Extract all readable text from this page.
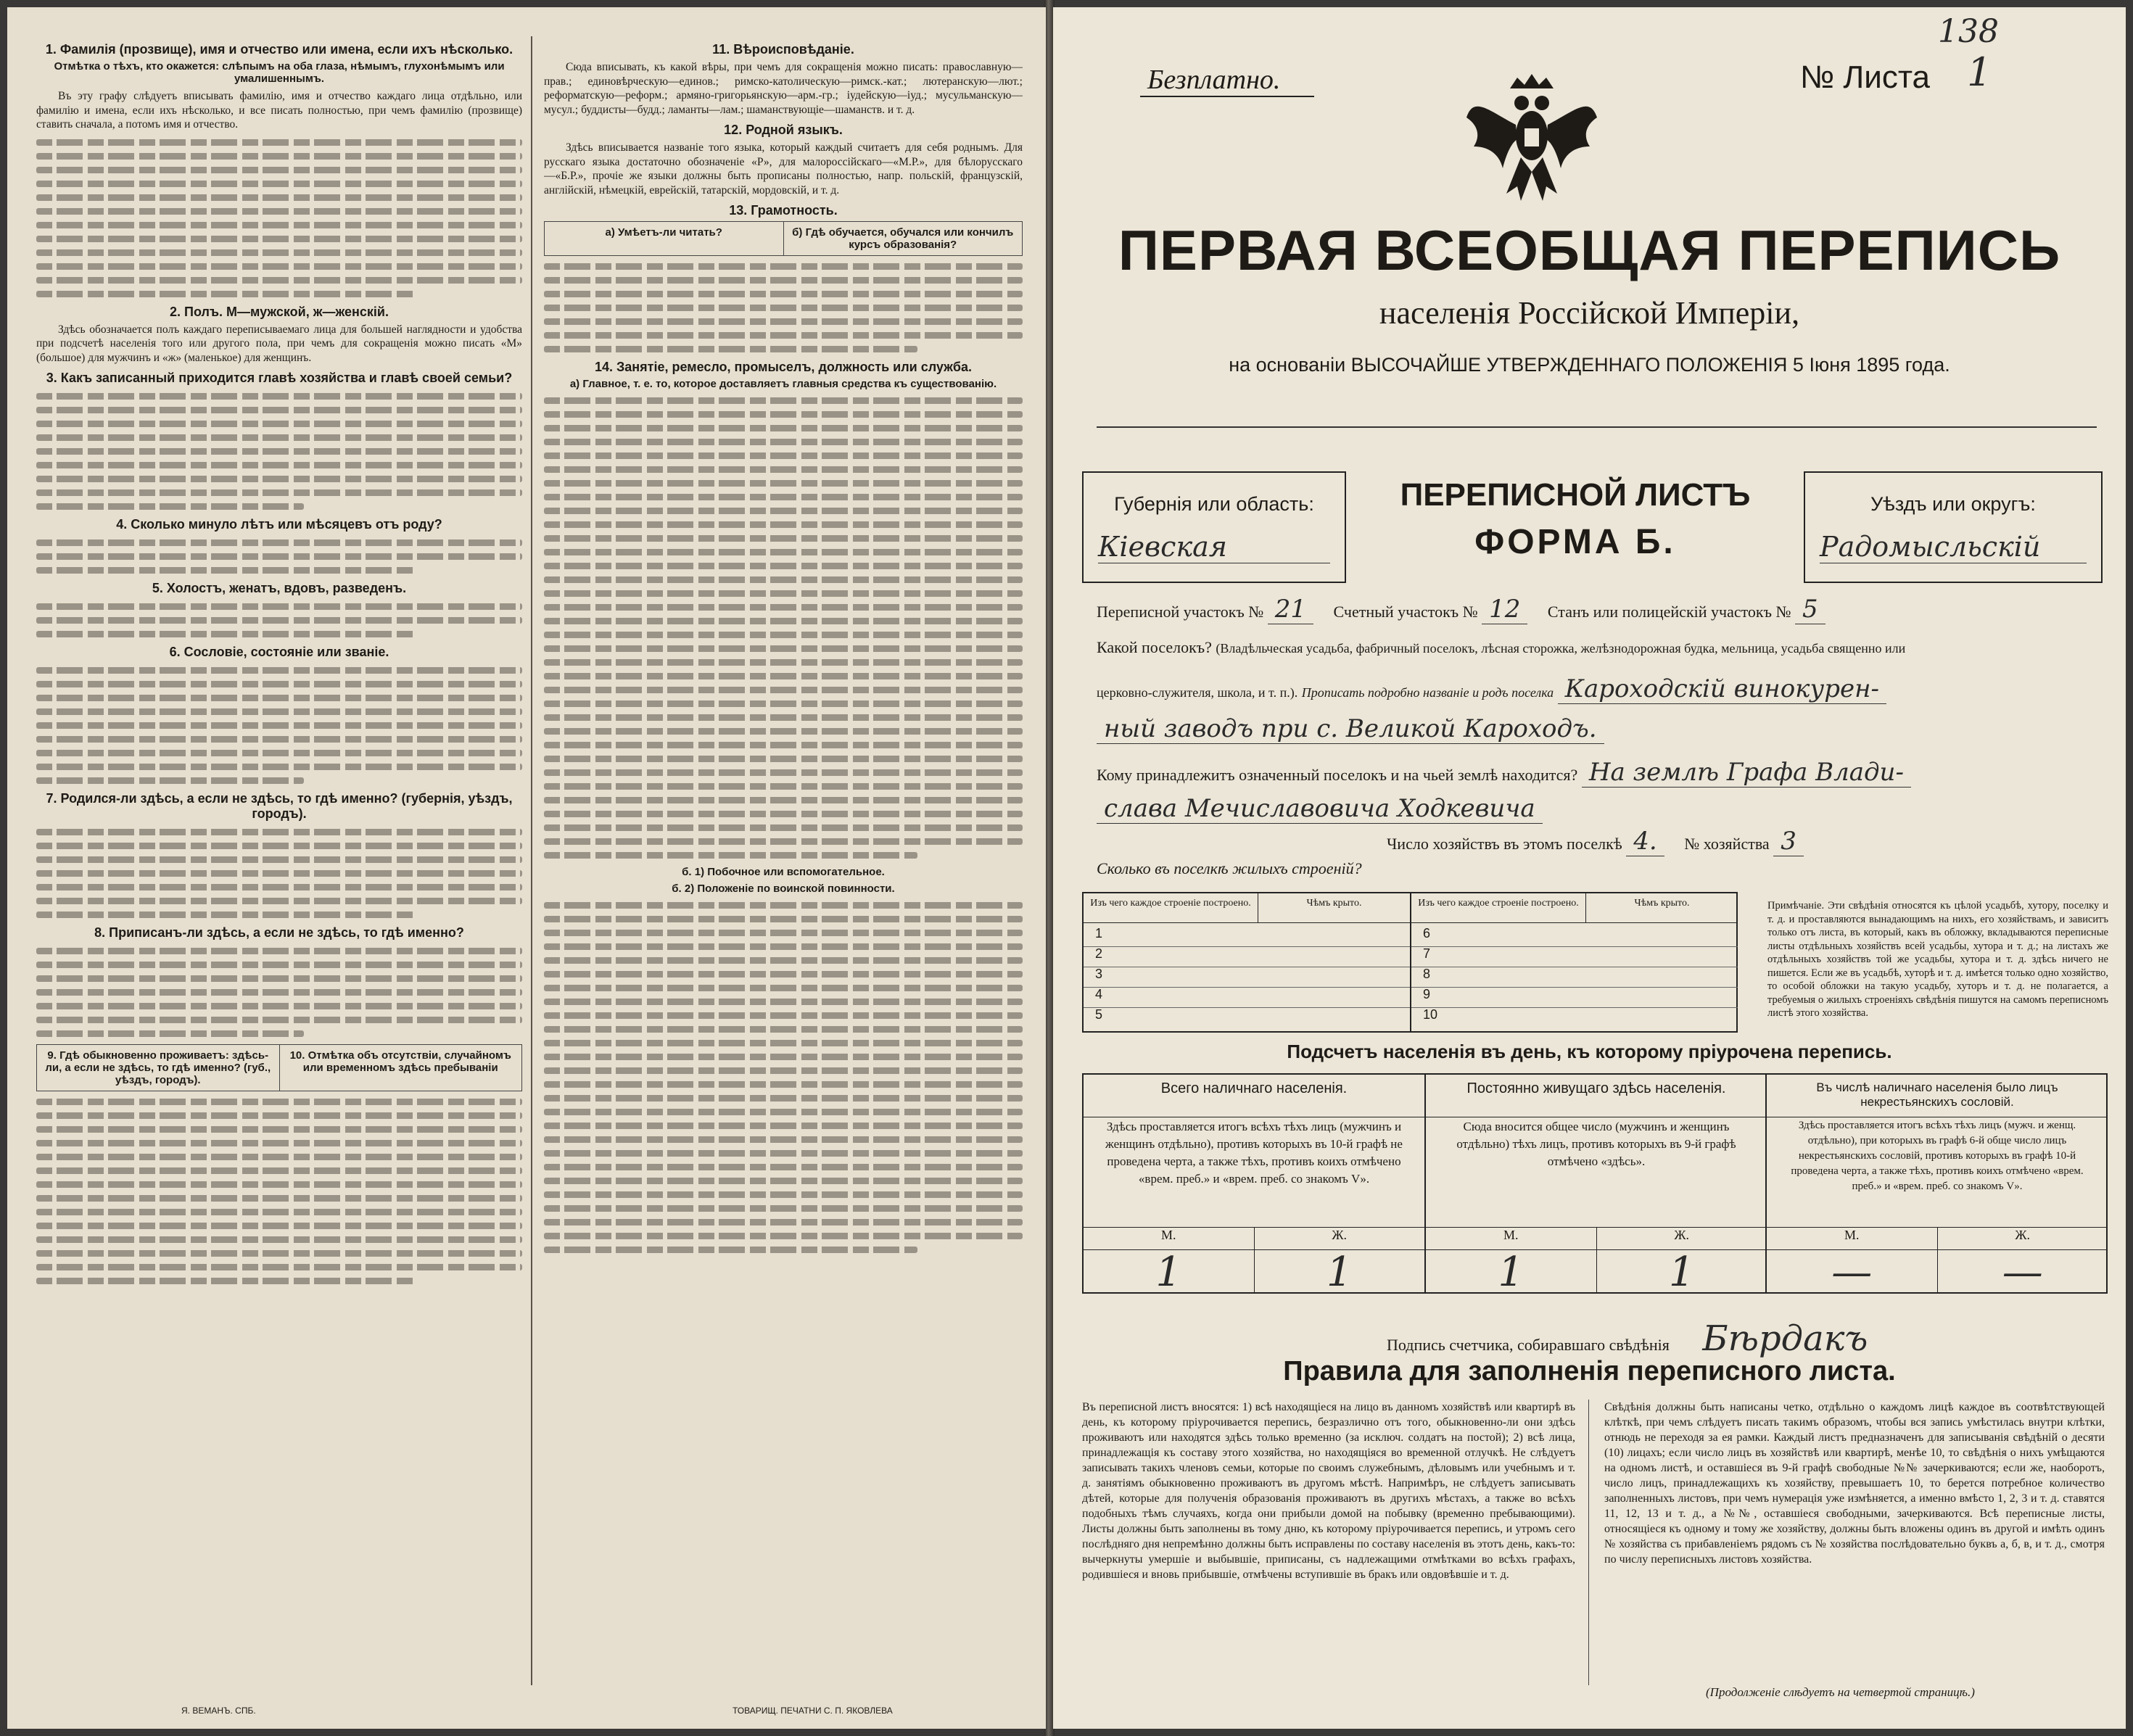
1. Фамилія (прозвище), имя и отчество или имена, если ихъ нѣсколько.
Отмѣтка о тѣхъ, кто окажется: слѣпымъ на оба глаза, нѣмымъ, глухонѣмымъ или умалишеннымъ.

Въ эту графу слѣдуетъ вписывать фамилію, имя и отчество каждаго лица отдѣльно, или фамилію и имена, если ихъ нѣсколько, и все писать полностью, при чемъ фамилію (прозвище) ставить сначала, а потомъ имя и отчество.

2. Полъ. М—мужской, ж—женскій.

Здѣсь обозначается полъ каждаго переписываемаго лица для большей наглядности и удобства при подсчетѣ населенія того или другого пола, при чемъ для сокращенія можно писать «М» (большое) для мужчинъ и «ж» (маленькое) для женщинъ.

3. Какъ записанный приходится главѣ хозяйства и главѣ своей семьи?
4. Сколько минуло лѣтъ или мѣсяцевъ отъ роду?
5. Холостъ, женатъ, вдовъ, разведенъ.
6. Сословіе, состояніе или званіе.
7. Родился-ли здѣсь, а если не здѣсь, то гдѣ именно? (губернія, уѣздъ, городъ).
8. Приписанъ-ли здѣсь, а если не здѣсь, то гдѣ именно?
9. Гдѣ обыкновенно проживаетъ: здѣсь-ли, а если не здѣсь, то гдѣ именно? (губ., уѣздъ, городъ).
10. Отмѣтка объ отсутствіи, случайномъ или временномъ здѣсь пребываніи
11. Вѣроисповѣданіе.

Сюда вписывать, къ какой вѣры, при чемъ для сокращенія можно писать: православную—прав.; единовѣрческую—единов.; римско-католическую—римск.-кат.; лютеранскую—лют.; реформатскую—реформ.; армяно-григорьянскую—арм.-гр.; іудейскую—іуд.; мусульманскую—мусул.; буддисты—будд.; ламанты—лам.; шаманствующіе—шаманств. и т. д.

12. Родной языкъ.

Здѣсь вписывается названіе того языка, который каждый считаетъ для себя роднымъ. Для русскаго языка достаточно обозначеніе «Р», для малороссійскаго—«М.Р.», для бѣлорусскаго—«Б.Р.», прочіе же языки должны быть прописаны полностью, напр. польскій, французскій, англійскій, нѣмецкій, еврейскій, татарскій, мордовскій, и т. д.

13. Грамотность.
а) Умѣетъ-ли читать?	б) Гдѣ обучается, обучался или кончилъ курсъ образованія?
14. Занятіе, ремесло, промыселъ, должность или служба.
а) Главное, т. е. то, которое доставляетъ главныя средства къ существованію.
б. 1) Побочное или вспомогательное.
б. 2) Положеніе по воинской повинности.
Я. ВЕМАНЪ. СПБ.	ТОВАРИЩ. ПЕЧАТНИ С. П. ЯКОВЛЕВА
138
Безплатно.	№ Листа 1
ПЕРВАЯ ВСЕОБЩАЯ ПЕРЕПИСЬ
населенія Россійской Имперіи,
на основаніи ВЫСОЧАЙШЕ УТВЕРЖДЕННАГО ПОЛОЖЕНІЯ 5 Іюня 1895 года.
Губернія или область:
Кіевская
ПЕРЕПИСНОЙ ЛИСТЪ
ФОРМА Б.
Уѣздъ или округъ:
Радомысльскій
Переписной участокъ № 21 Счетный участокъ № 12 Станъ или полицейскій участокъ № 5
Какой поселокъ? (Владѣльческая усадьба, фабричный поселокъ, лѣсная сторожка, желѣзнодорожная будка, мельница, усадьба священно или
церковно-служителя, школа, и т. п.). Прописать подробно названіе и родъ поселка Кароходскій винокурен-
ный заводъ при с. Великой Кароходъ.
Кому принадлежитъ означенный поселокъ и на чьей землѣ находится? На землѣ Графа Влади-
слава Мечиславовича Ходкевича
Число хозяйствъ въ этомъ поселкѣ 4. № хозяйства 3
Сколько въ поселкѣ жилыхъ строеній?
Изъ чего каждое строеніе построено.	Чѣмъ крыто.
1
2
3
4
5
Изъ чего каждое строеніе построено.	Чѣмъ крыто.
6
7
8
9
10
Примѣчаніе. Эти свѣдѣнія относятся къ цѣлой усадьбѣ, хутору, поселку и т. д. и проставляются вынадающимъ на нихъ, его хозяйствамъ, и зависитъ только отъ листа, въ который, какъ въ обложку, вкладываются переписные листы отдѣльныхъ хозяйствъ всей усадьбы, хутора и т. д.; на листахъ же отдѣльныхъ хозяйствъ той же усадьбы, хутора и т. д. здѣсь ничего не пишется. Если же въ усадьбѣ, хуторѣ и т. д. имѣется только одно хозяйство, то особой обложки на такую усадьбу, хуторъ и т. д. не полагается, а требуемыя о жилыхъ строеніяхъ свѣдѣнія пишутся на самомъ переписномъ листѣ этого хозяйства.
Подсчетъ населенія въ день, къ которому пріурочена перепись.
Всего наличнаго населенія.
Здѣсь проставляется итогъ всѣхъ тѣхъ лицъ (мужчинъ и женщинъ отдѣльно), противъ которыхъ въ 10-й графѣ не проведена черта, а также тѣхъ, противъ коихъ отмѣчено «врем. преб.» и «врем. преб. со знакомъ V».
М.	Ж.
1	1
Постоянно живущаго здѣсь населенія.
Сюда вносится общее число (мужчинъ и женщинъ отдѣльно) тѣхъ лицъ, противъ которыхъ въ 9-й графѣ отмѣчено «здѣсь».
М.	Ж.
1	1
Въ числѣ наличнаго населенія было лицъ некрестьянскихъ сословій.
Здѣсь проставляется итогъ всѣхъ тѣхъ лицъ (мужч. и женщ. отдѣльно), при которыхъ въ графѣ 6-й обще число лицъ некрестьянскихъ сословій, противъ которыхъ въ графѣ 10-й проведена черта, а также тѣхъ, противъ коихъ отмѣчено «врем. преб.» и «врем. преб. со знакомъ V».
М.	Ж.
—	—
Подпись счетчика, собиравшаго свѣдѣнія Бѣрдакъ
Правила для заполненія переписного листа.
Въ переписной листъ вносятся: 1) всѣ находящіеся на лицо въ данномъ хозяйствѣ или квартирѣ въ день, къ которому пріурочивается перепись, безразлично отъ того, обыкновенно-ли они здѣсь проживаютъ или находятся здѣсь только временно (за исключ. солдатъ на постой); 2) всѣ лица, принадлежащія къ составу этого хозяйства, но находящіяся во временной отлучкѣ. Не слѣдуетъ записывать такихъ членовъ семьи, которые по своимъ служебнымъ, дѣловымъ или учебнымъ и т. д. занятіямъ обыкновенно проживаютъ въ другомъ мѣстѣ. Напримѣръ, не слѣдуетъ записывать дѣтей, которые для полученія образованія проживаютъ въ другихъ мѣстахъ, а также во всѣхъ подобныхъ тѣмъ случаяхъ, когда они прибыли домой на побывку (временно пребывающими). Листы должны быть заполнены въ тому дню, къ которому пріурочивается перепись, и утромъ сего послѣдняго дня непремѣнно должны быть исправлены по составу населенія въ этотъ день, какъ-то: вычеркнуты умершіе и выбывшіе, приписаны, съ надлежащими отмѣтками во всѣхъ графахъ, родившіеся и вновь прибывшіе, отмѣчены вступившіе въ бракъ или овдовѣвшіе и т. д.
Свѣдѣнія должны быть написаны четко, отдѣльно о каждомъ лицѣ каждое въ соотвѣтствующей клѣткѣ, при чемъ слѣдуетъ писать такимъ образомъ, чтобы вся запись умѣстилась внутри клѣтки, отнюдь не переходя за ея рамки. Каждый листъ предназначенъ для записыванія свѣдѣній о десяти (10) лицахъ; если число лицъ въ хозяйствѣ или квартирѣ, менѣе 10, то свѣдѣнія о нихъ умѣщаются на одномъ листѣ, и оставшіеся въ 9-й графѣ свободные №№ зачеркиваются; если же, наоборотъ, число лицъ, принадлежащихъ къ хозяйству, превышаетъ 10, то берется потребное количество заполненныхъ листовъ, при чемъ нумерація уже измѣняется, а именно вмѣсто 1, 2, 3 и т. д. ставятся 11, 12, 13 и т. д., а №№, оставшіеся свободными, зачеркиваются. Всѣ переписные листы, относящіеся къ одному и тому же хозяйству, должны быть вложены одинъ въ другой и имѣть одинъ № хозяйства съ прибавленіемъ рядомъ съ № хозяйства послѣдовательно буквъ а, б, в, и т. д., смотря по числу переписныхъ листовъ хозяйства.
(Продолженіе слѣдуетъ на четвертой страницѣ.)
